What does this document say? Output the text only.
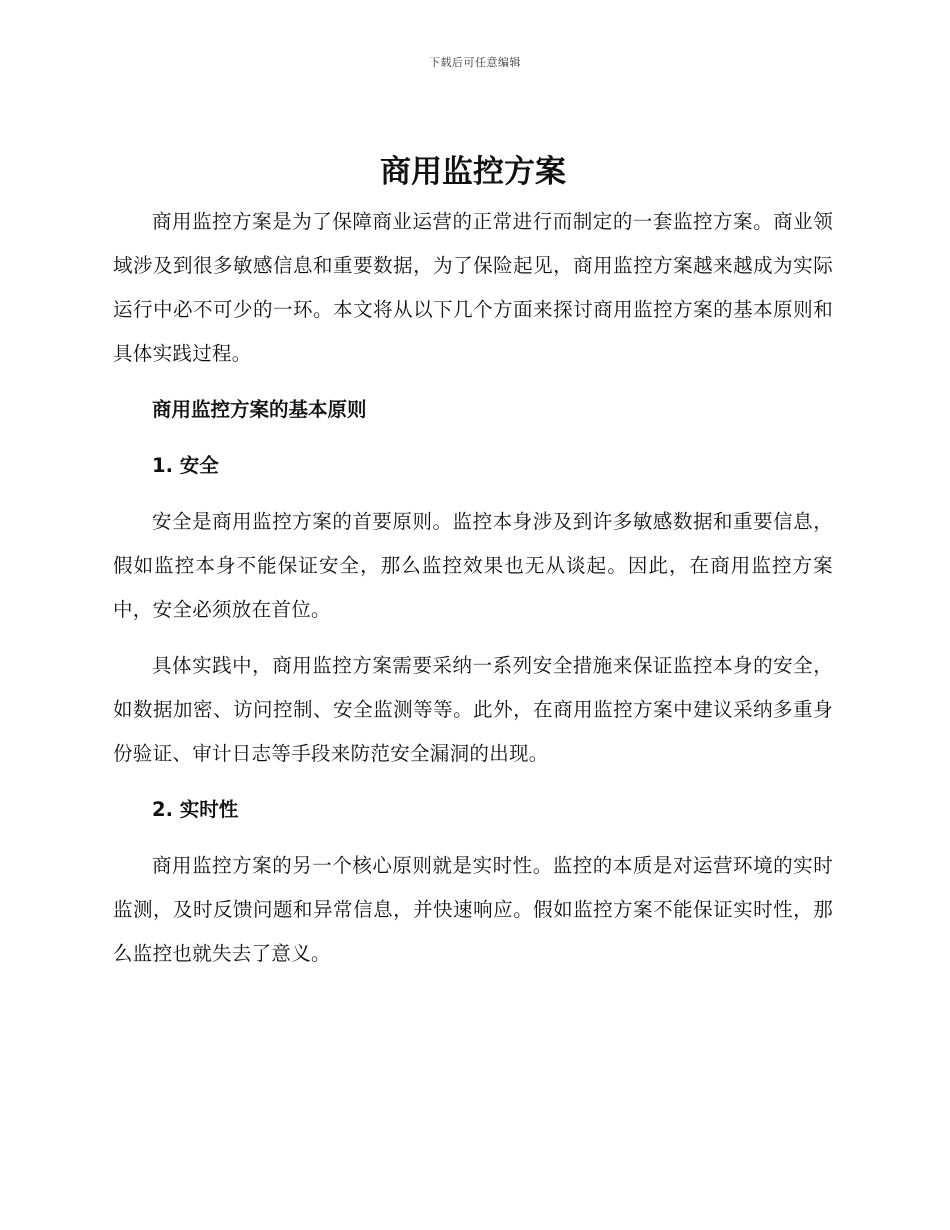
下载后可任意编辑
商用监控方案

商用监控方案是为了保障商业运营的正常进行而制定的一套监控方案。商业领域涉及到很多敏感信息和重要数据，为了保险起见，商用监控方案越来越成为实际运行中必不可少的一环。本文将从以下几个方面来探讨商用监控方案的基本原则和具体实践过程。

商用监控方案的基本原则
1. 安全

安全是商用监控方案的首要原则。监控本身涉及到许多敏感数据和重要信息，假如监控本身不能保证安全，那么监控效果也无从谈起。因此，在商用监控方案中，安全必须放在首位。

具体实践中，商用监控方案需要采纳一系列安全措施来保证监控本身的安全，如数据加密、访问控制、安全监测等等。此外，在商用监控方案中建议采纳多重身份验证、审计日志等手段来防范安全漏洞的出现。

2. 实时性

商用监控方案的另一个核心原则就是实时性。监控的本质是对运营环境的实时监测，及时反馈问题和异常信息，并快速响应。假如监控方案不能保证实时性，那么监控也就失去了意义。
